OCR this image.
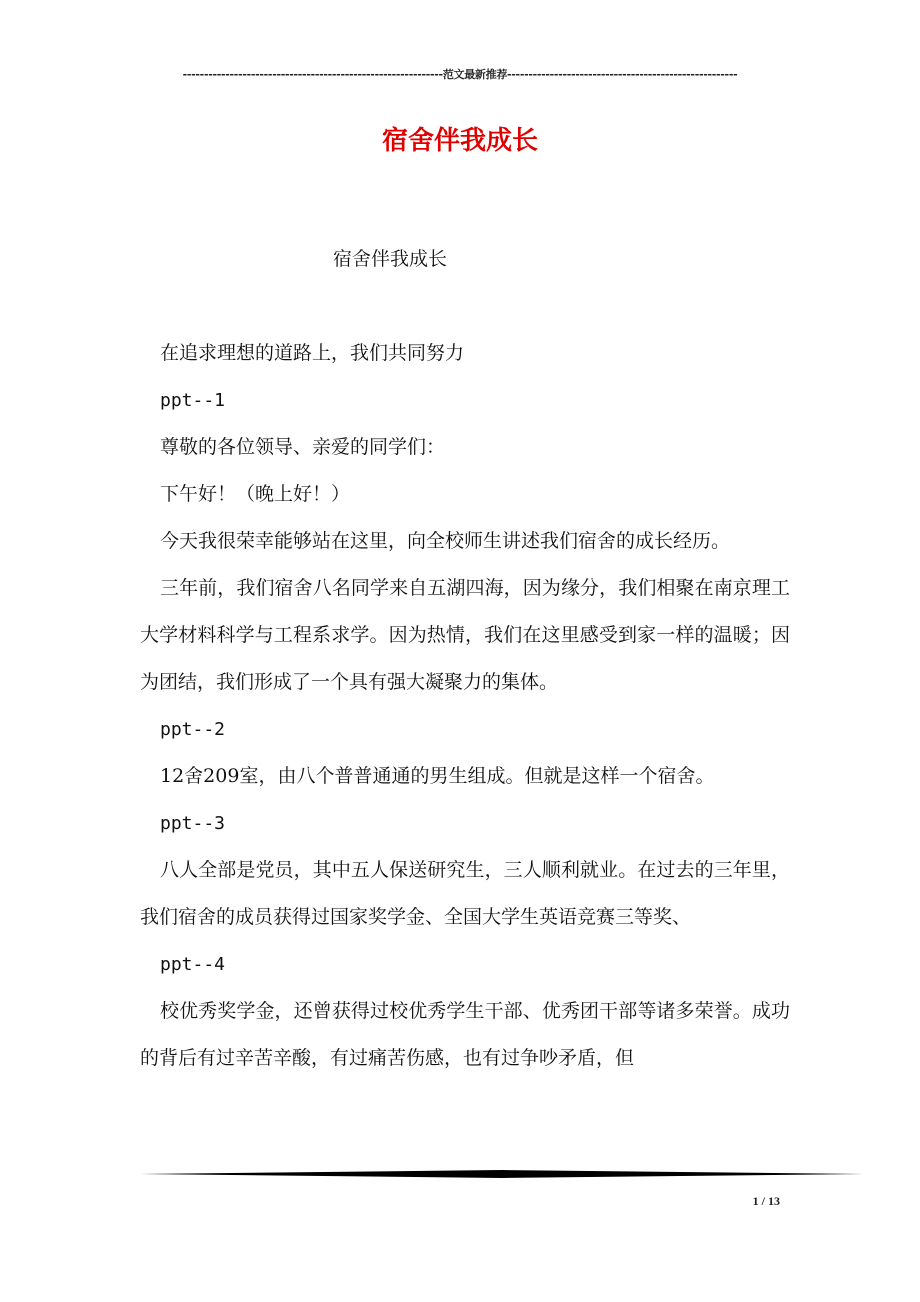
-------------------------------------------------------------范文最新推荐------------------------------------------------------
宿舍伴我成长
宿舍伴我成长

在追求理想的道路上，我们共同努力

ppt--1

尊敬的各位领导、亲爱的同学们：

下午好！（晚上好！）

今天我很荣幸能够站在这里，向全校师生讲述我们宿舍的成长经历。

三年前，我们宿舍八名同学来自五湖四海，因为缘分，我们相聚在南京理工大学材料科学与工程系求学。因为热情，我们在这里感受到家一样的温暖；因为团结，我们形成了一个具有强大凝聚力的集体。

ppt--2

12舍209室，由八个普普通通的男生组成。但就是这样一个宿舍。

ppt--3

八人全部是党员，其中五人保送研究生，三人顺利就业。在过去的三年里，我们宿舍的成员获得过国家奖学金、全国大学生英语竞赛三等奖、

ppt--4

校优秀奖学金，还曾获得过校优秀学生干部、优秀团干部等诸多荣誉。成功的背后有过辛苦辛酸，有过痛苦伤感，也有过争吵矛盾，但

1 / 13
